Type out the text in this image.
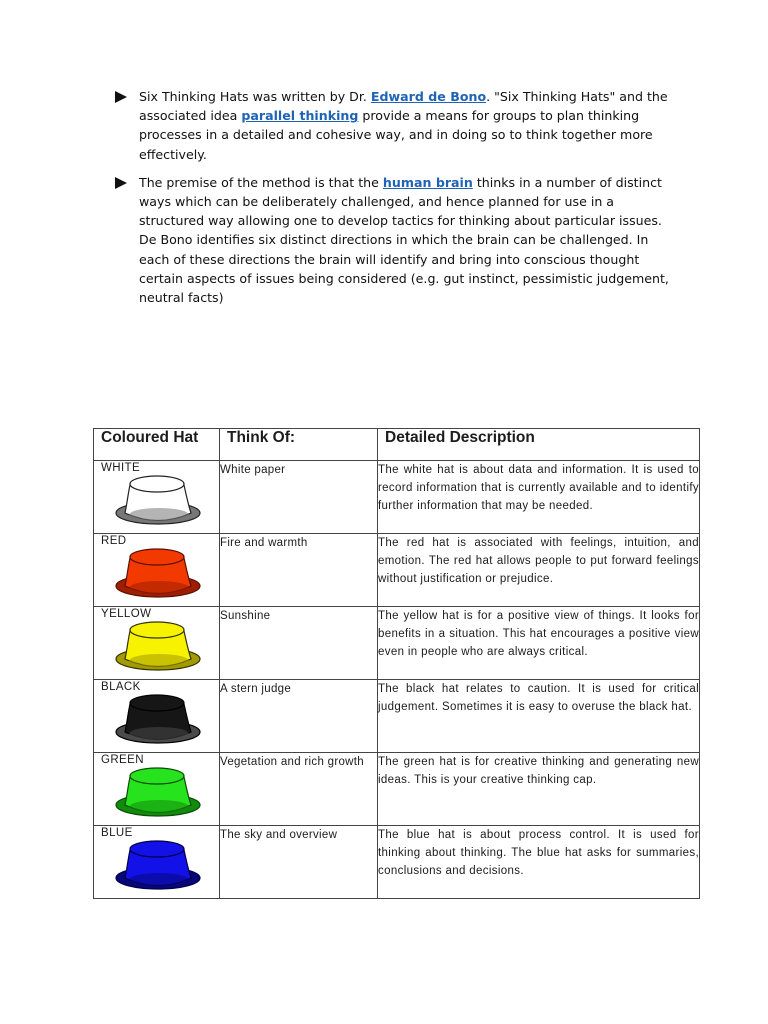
Six Thinking Hats was written by Dr. Edward de Bono. "Six Thinking Hats" and the associated idea parallel thinking provide a means for groups to plan thinking processes in a detailed and cohesive way, and in doing so to think together more effectively.
The premise of the method is that the human brain thinks in a number of distinct ways which can be deliberately challenged, and hence planned for use in a structured way allowing one to develop tactics for thinking about particular issues. De Bono identifies six distinct directions in which the brain can be challenged. In each of these directions the brain will identify and bring into conscious thought certain aspects of issues being considered (e.g. gut instinct, pessimistic judgement, neutral facts)
Coloured Hat	Think Of:	Detailed Description

WHITE	White paper	The white hat is about data and information. It is used to record information that is currently available and to identify further information that may be needed.

RED	Fire and warmth	The red hat is associated with feelings, intuition, and emotion. The red hat allows people to put forward feelings without justification or prejudice.

YELLOW	Sunshine	The yellow hat is for a positive view of things. It looks for benefits in a situation. This hat encourages a positive view even in people who are always critical.

BLACK	A stern judge	The black hat relates to caution. It is used for critical judgement. Sometimes it is easy to overuse the black hat.

GREEN	Vegetation and rich growth	The green hat is for creative thinking and generating new ideas. This is your creative thinking cap.

BLUE	The sky and overview	The blue hat is about process control. It is used for thinking about thinking. The blue hat asks for summaries, conclusions and decisions.
